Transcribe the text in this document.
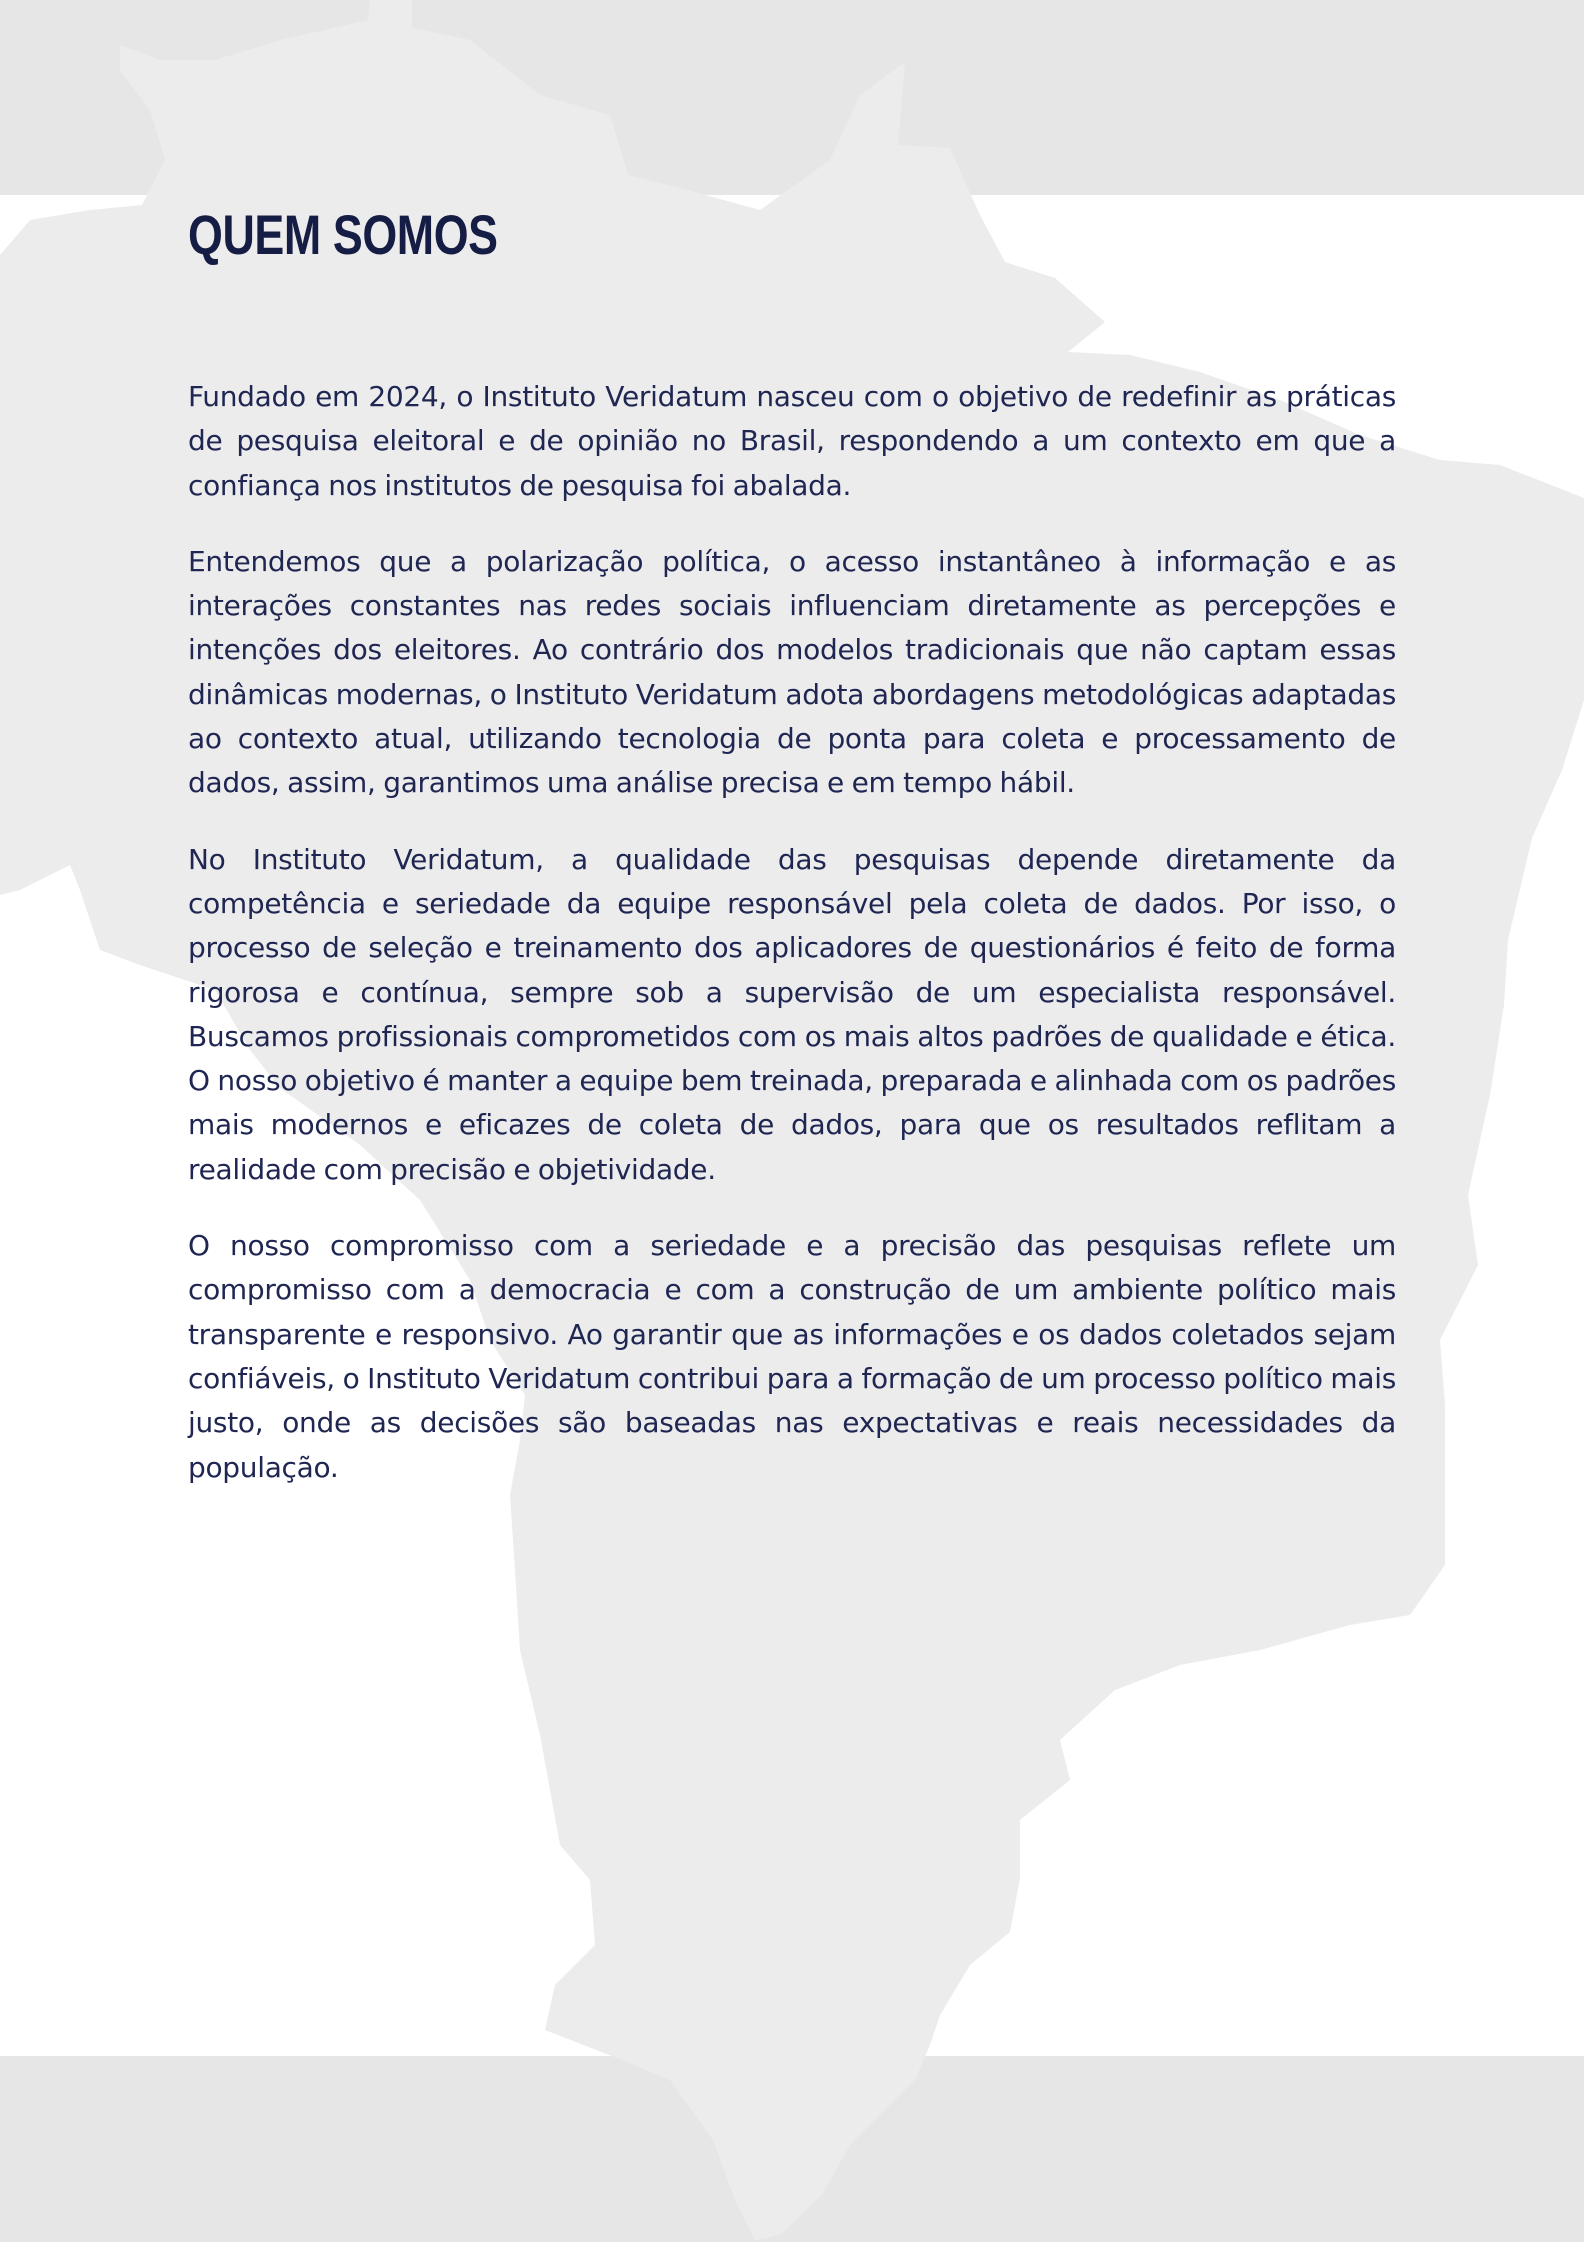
QUEM SOMOS

Fundado em 2024, o Instituto Veridatum nasceu com o objetivo de redefinir as práticas de pesquisa eleitoral e de opinião no Brasil, respondendo a um contexto em que a confiança nos institutos de pesquisa foi abalada.

Entendemos que a polarização política, o acesso instantâneo à informação e as interações constantes nas redes sociais influenciam diretamente as percepções e intenções dos eleitores. Ao contrário dos modelos tradicionais que não captam essas dinâmicas modernas, o Instituto Veridatum adota abordagens metodológicas adaptadas ao contexto atual, utilizando tecnologia de ponta para coleta e processamento de dados, assim, garantimos uma análise precisa e em tempo hábil.

No Instituto Veridatum, a qualidade das pesquisas depende diretamente da competência e seriedade da equipe responsável pela coleta de dados. Por isso, o processo de seleção e treinamento dos aplicadores de questionários é feito de forma rigorosa e contínua, sempre sob a supervisão de um especialista responsável. Buscamos profissionais comprometidos com os mais altos padrões de qualidade e ética. O nosso objetivo é manter a equipe bem treinada, preparada e alinhada com os padrões mais modernos e eficazes de coleta de dados, para que os resultados reflitam a realidade com precisão e objetividade.

O nosso compromisso com a seriedade e a precisão das pesquisas reflete um compromisso com a democracia e com a construção de um ambiente político mais transparente e responsivo. Ao garantir que as informações e os dados coletados sejam confiáveis, o Instituto Veridatum contribui para a formação de um processo político mais justo, onde as decisões são baseadas nas expectativas e reais necessidades da população.
